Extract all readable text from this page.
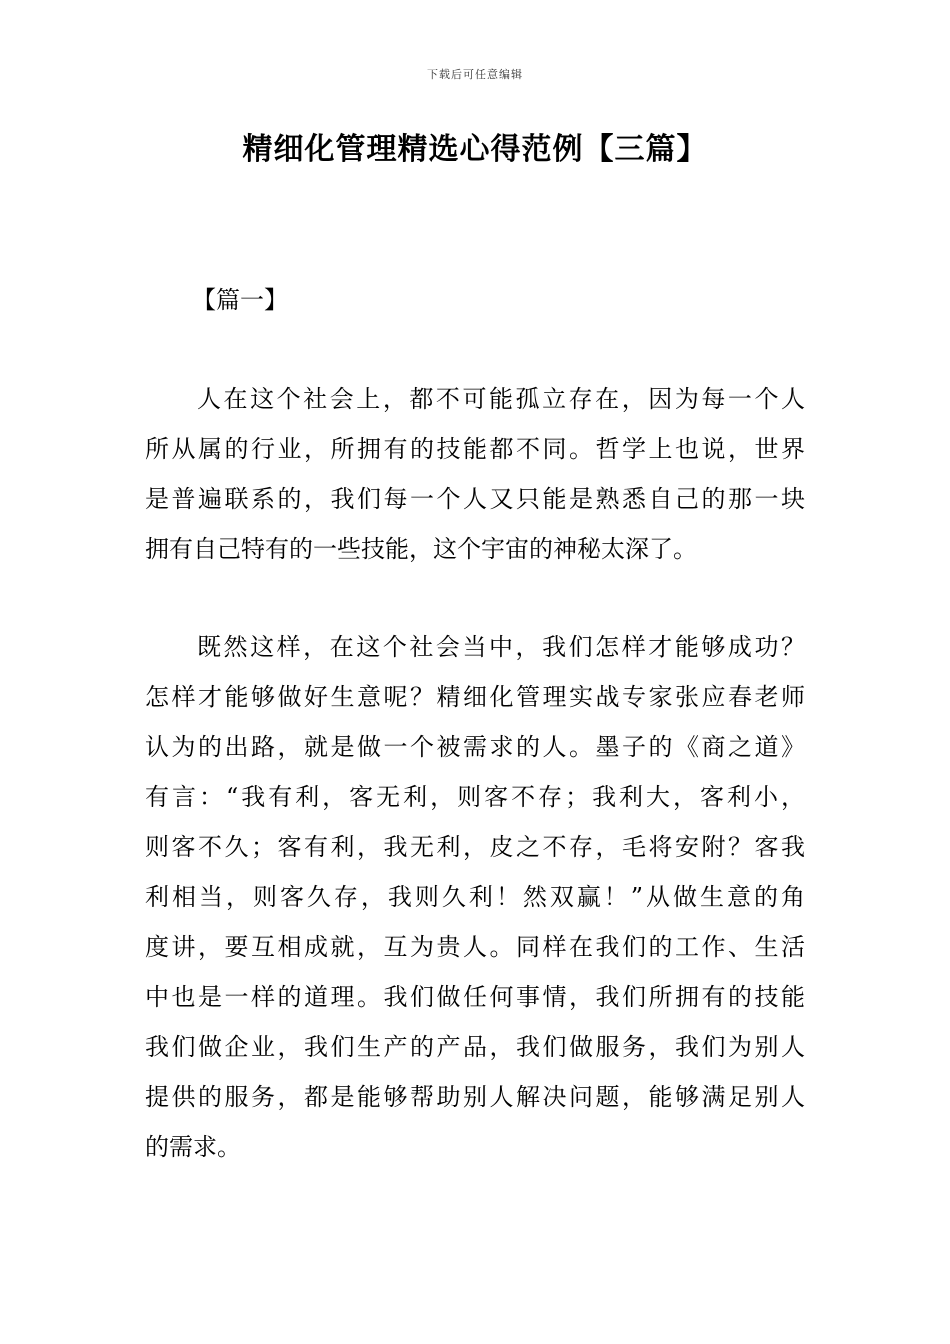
下载后可任意编辑
精细化管理精选心得范例【三篇】
【篇一】
人在这个社会上，都不可能孤立存在，因为每一个人
所从属的行业，所拥有的技能都不同。哲学上也说，世界
是普遍联系的，我们每一个人又只能是熟悉自己的那一块
拥有自己特有的一些技能，这个宇宙的神秘太深了。
既然这样，在这个社会当中，我们怎样才能够成功？
怎样才能够做好生意呢？精细化管理实战专家张应春老师
认为的出路，就是做一个被需求的人。墨子的《商之道》
有言：“我有利，客无利，则客不存；我利大，客利小，
则客不久；客有利，我无利，皮之不存，毛将安附？客我
利相当，则客久存，我则久利！然双赢！”从做生意的角
度讲，要互相成就，互为贵人。同样在我们的工作、生活
中也是一样的道理。我们做任何事情，我们所拥有的技能
我们做企业，我们生产的产品，我们做服务，我们为别人
提供的服务，都是能够帮助别人解决问题，能够满足别人
的需求。
